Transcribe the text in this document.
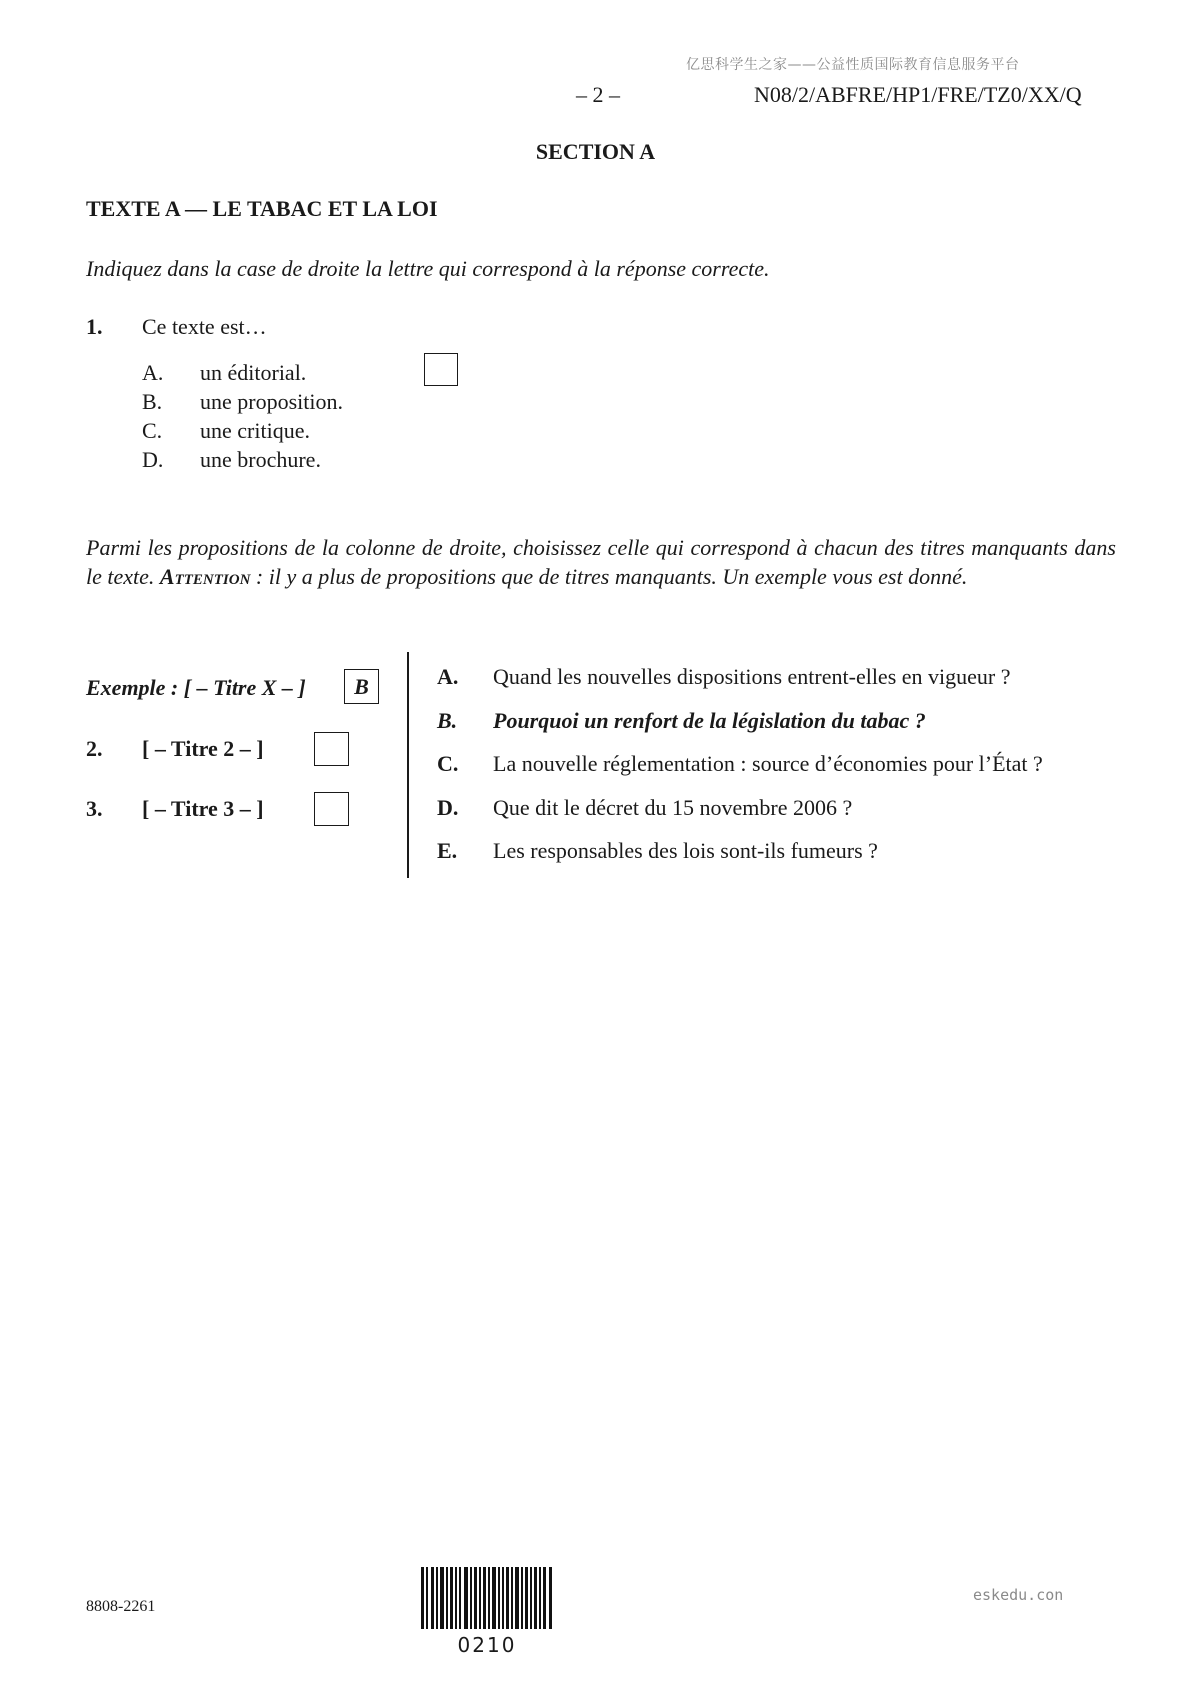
亿思科学生之家——公益性质国际教育信息服务平台
– 2 –	N08/2/ABFRE/HP1/FRE/TZ0/XX/Q
SECTION A
TEXTE A — LE TABAC ET LA LOI
Indiquez dans la case de droite la lettre qui correspond à la réponse correcte.
1. Ce texte est…
A.	un éditorial.
B.	une proposition.
C.	une critique.
D.	une brochure.
Parmi les propositions de la colonne de droite, choisissez celle qui correspond à chacun des titres manquants dans le texte. Attention : il y a plus de propositions que de titres manquants. Un exemple vous est donné.
Exemple : [ – Titre X – ]	B
2. [ – Titre 2 – ]
3. [ – Titre 3 – ]
A.	Quand les nouvelles dispositions entrent-elles en vigueur ?
B.	Pourquoi un renfort de la législation du tabac ?
C.	La nouvelle réglementation : source d’économies pour l’État ?
D.	Que dit le décret du 15 novembre 2006 ?
E.	Les responsables des lois sont-ils fumeurs ?
8808-2261
0210
eskedu.con
